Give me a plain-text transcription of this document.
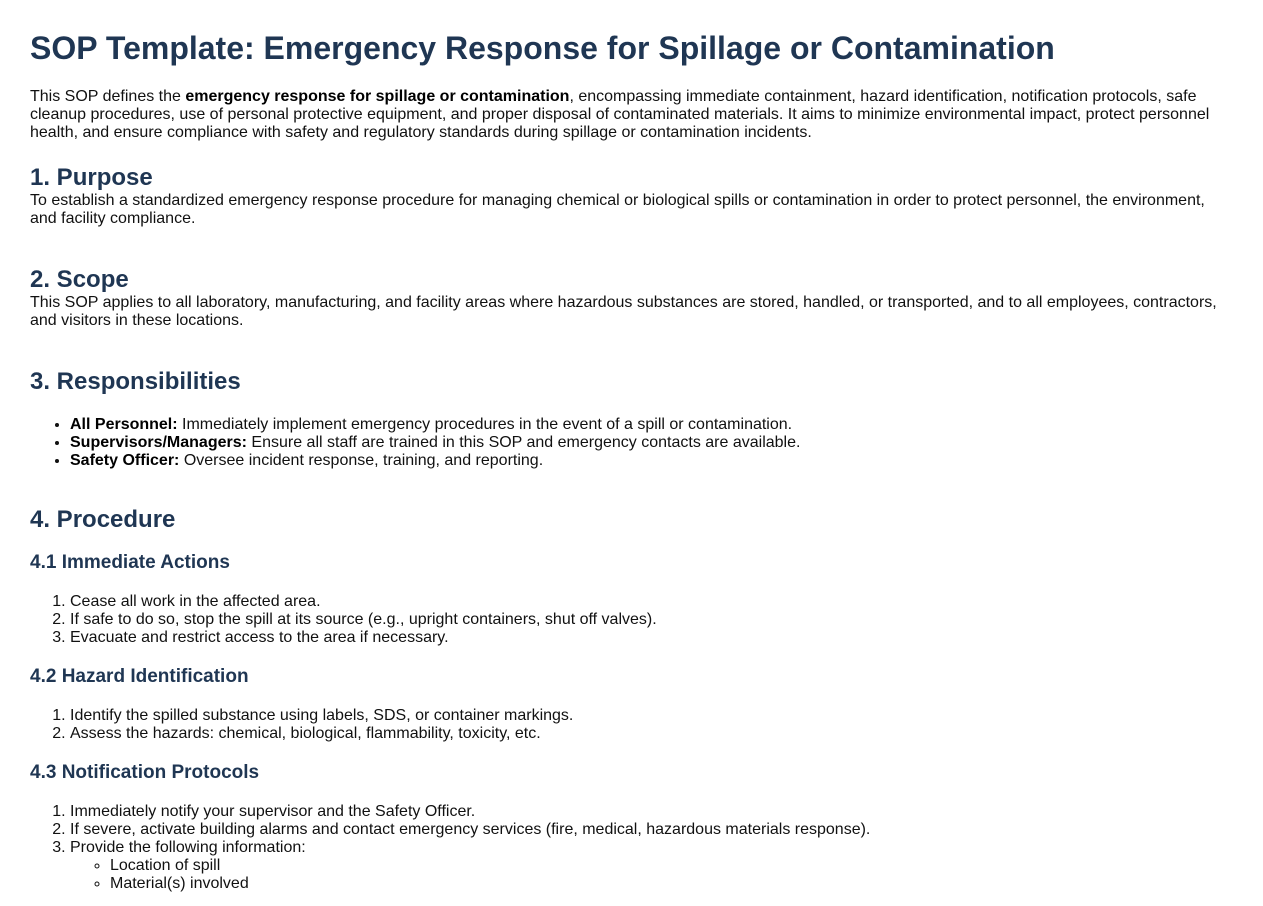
SOP Template: Emergency Response for Spillage or Contamination

This SOP defines the emergency response for spillage or contamination, encompassing immediate containment, hazard identification, notification protocols, safe cleanup procedures, use of personal protective equipment, and proper disposal of contaminated materials. It aims to minimize environmental impact, protect personnel health, and ensure compliance with safety and regulatory standards during spillage or contamination incidents.

1. Purpose

To establish a standardized emergency response procedure for managing chemical or biological spills or contamination in order to protect personnel, the environment, and facility compliance.

2. Scope

This SOP applies to all laboratory, manufacturing, and facility areas where hazardous substances are stored, handled, or transported, and to all employees, contractors, and visitors in these locations.

3. Responsibilities
• All Personnel: Immediately implement emergency procedures in the event of a spill or contamination.
• Supervisors/Managers: Ensure all staff are trained in this SOP and emergency contacts are available.
• Safety Officer: Oversee incident response, training, and reporting.
4. Procedure
4.1 Immediate Actions
1. Cease all work in the affected area.
2. If safe to do so, stop the spill at its source (e.g., upright containers, shut off valves).
3. Evacuate and restrict access to the area if necessary.
4.2 Hazard Identification
1. Identify the spilled substance using labels, SDS, or container markings.
2. Assess the hazards: chemical, biological, flammability, toxicity, etc.
4.3 Notification Protocols
1. Immediately notify your supervisor and the Safety Officer.
2. If severe, activate building alarms and contact emergency services (fire, medical, hazardous materials response).
3. Provide the following information:
◦ Location of spill
◦ Material(s) involved
